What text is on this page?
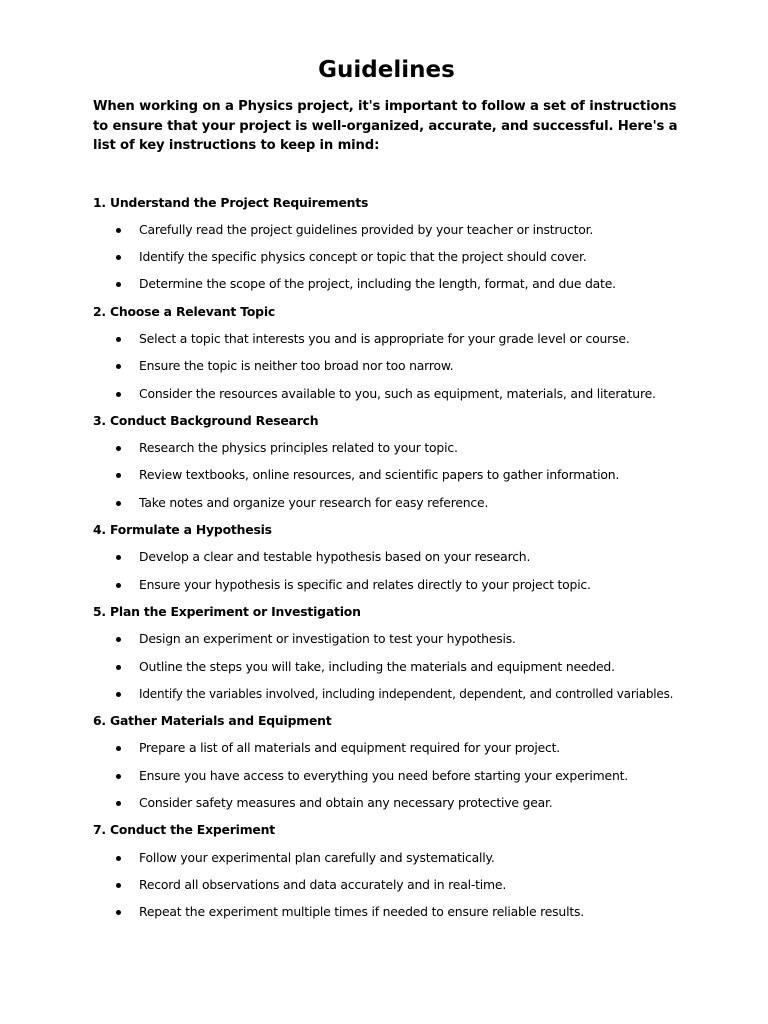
Guidelines
When working on a Physics project, it's important to follow a set of instructions to ensure that your project is well-organized, accurate, and successful. Here's a list of key instructions to keep in mind:
1. Understand the Project Requirements
Carefully read the project guidelines provided by your teacher or instructor.
Identify the specific physics concept or topic that the project should cover.
Determine the scope of the project, including the length, format, and due date.
2. Choose a Relevant Topic
Select a topic that interests you and is appropriate for your grade level or course.
Ensure the topic is neither too broad nor too narrow.
Consider the resources available to you, such as equipment, materials, and literature.
3. Conduct Background Research
Research the physics principles related to your topic.
Review textbooks, online resources, and scientific papers to gather information.
Take notes and organize your research for easy reference.
4. Formulate a Hypothesis
Develop a clear and testable hypothesis based on your research.
Ensure your hypothesis is specific and relates directly to your project topic.
5. Plan the Experiment or Investigation
Design an experiment or investigation to test your hypothesis.
Outline the steps you will take, including the materials and equipment needed.
Identify the variables involved, including independent, dependent, and controlled variables.
6. Gather Materials and Equipment
Prepare a list of all materials and equipment required for your project.
Ensure you have access to everything you need before starting your experiment.
Consider safety measures and obtain any necessary protective gear.
7. Conduct the Experiment
Follow your experimental plan carefully and systematically.
Record all observations and data accurately and in real-time.
Repeat the experiment multiple times if needed to ensure reliable results.
